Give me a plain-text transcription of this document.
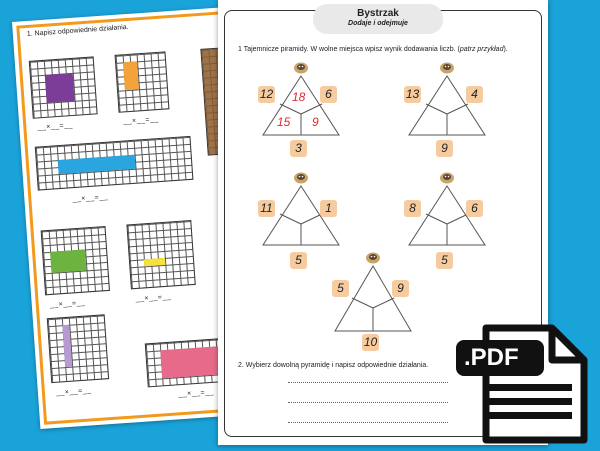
1. Napisz odpowiednie działania.
__×__=__
__×__=__
__×__=__
__×__=__
__×__=__
__×__=__	__×__=__
Bystrzak
Dodaje i odejmuje
1 Tajemnicze piramidy. W wolne miejsca wpisz wynik dodawania liczb. (patrz przykład).
12	6
3
18
15 9
13	4
9
11	1
5
8	6
5
5	9
10
2. Wybierz dowolną pyramidę i napisz odpowiednie działania. .PDF
